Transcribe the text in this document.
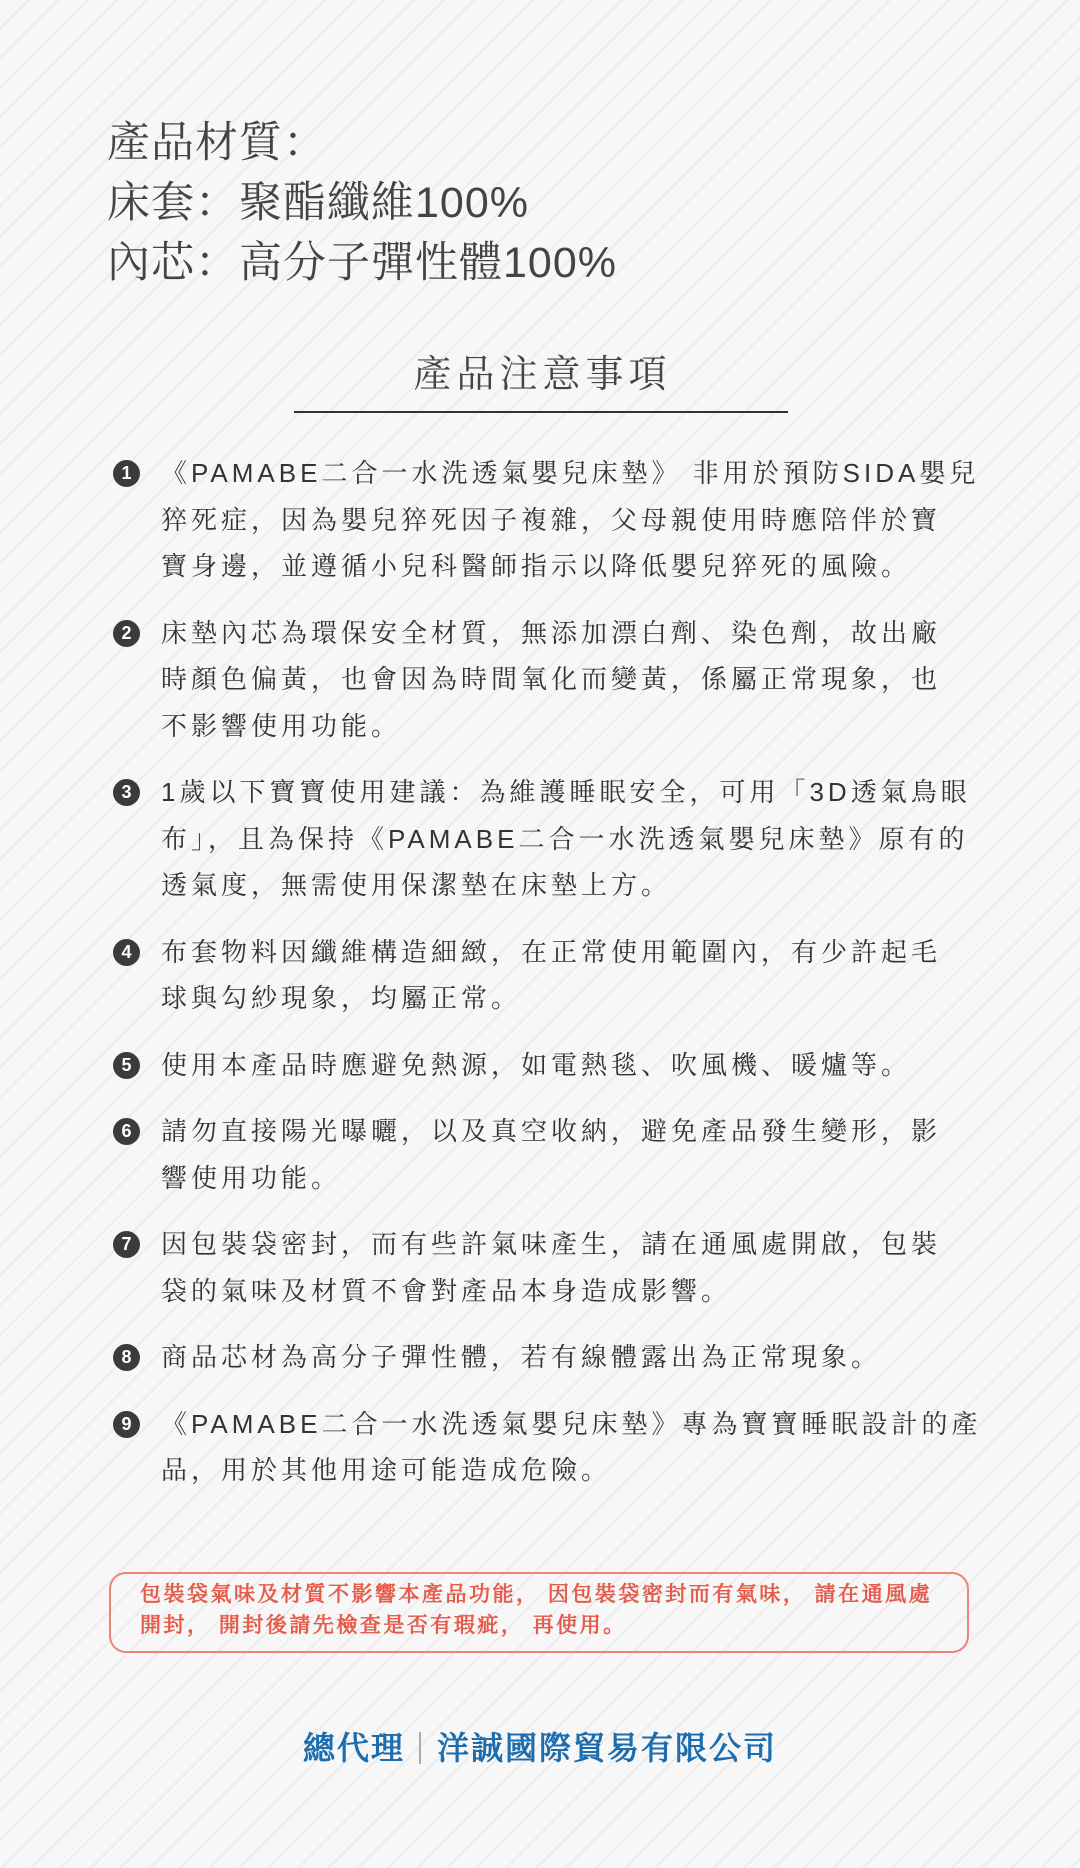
產品材質：
床套：聚酯纖維100%
內芯：高分子彈性體100%
產品注意事項
1	《PAMABE二合一水洗透氣嬰兒床墊》 非用於預防SIDA嬰兒
猝死症，因為嬰兒猝死因子複雜，父母親使用時應陪伴於寶
寶身邊，並遵循小兒科醫師指示以降低嬰兒猝死的風險。
2	床墊內芯為環保安全材質，無添加漂白劑、染色劑，故出廠
時顏色偏黃，也會因為時間氧化而變黃，係屬正常現象，也
不影響使用功能。
3	1歲以下寶寶使用建議：為維護睡眠安全，可用「3D透氣鳥眼
布」，且為保持《PAMABE二合一水洗透氣嬰兒床墊》原有的
透氣度，無需使用保潔墊在床墊上方。
4	布套物料因纖維構造細緻，在正常使用範圍內，有少許起毛
球與勾紗現象，均屬正常。
5	使用本產品時應避免熱源，如電熱毯、吹風機、暖爐等。
6	請勿直接陽光曝曬，以及真空收納，避免產品發生變形，影
響使用功能。
7	因包裝袋密封，而有些許氣味產生，請在通風處開啟，包裝
袋的氣味及材質不會對產品本身造成影響。
8	商品芯材為高分子彈性體，若有線體露出為正常現象。
9	《PAMABE二合一水洗透氣嬰兒床墊》專為寶寶睡眠設計的產
品，用於其他用途可能造成危險。
包裝袋氣味及材質不影響本產品功能， 因包裝袋密封而有氣味， 請在通風處
開封， 開封後請先檢查是否有瑕疵， 再使用。
總代理 洋誠國際貿易有限公司
